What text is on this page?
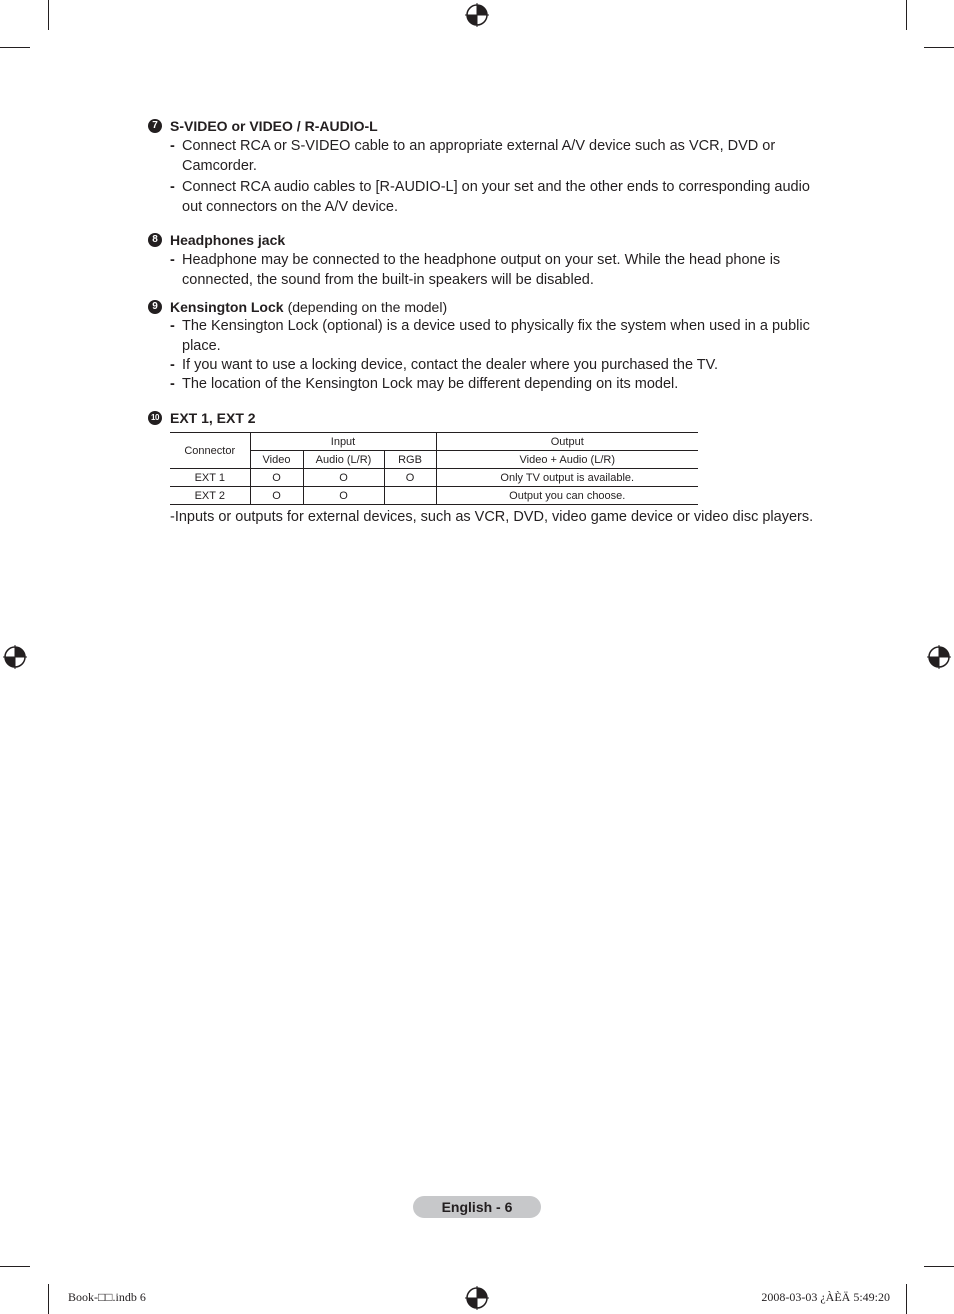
7 S-VIDEO or VIDEO / R-AUDIO-L
- Connect RCA or S-VIDEO cable to an appropriate external A/V device such as VCR, DVD or Camcorder.
- Connect RCA audio cables to [R-AUDIO-L] on your set and the other ends to corresponding audio out connectors on the A/V device.
8 Headphones jack
- Headphone may be connected to the headphone output on your set. While the head phone is connected, the sound from the built-in speakers will be disabled.
9 Kensington Lock (depending on the model)
- The Kensington Lock (optional) is a device used to physically fix the system when used in a public place.
- If you want to use a locking device, contact the dealer where you purchased the TV.
- The location of the Kensington Lock may be different depending on its model.
10 EXT 1, EXT 2
Connector	Input			Output
	Video	Audio (L/R)	RGB	Video + Audio (L/R)
EXT 1	O	O	O	Only TV output is available.
EXT 2	O	O		Output you can choose.
-Inputs or outputs for external devices, such as VCR, DVD, video game device or video disc players.
English - 6
Book-□□.indb 6	2008-03-03 ¿ÀÈÄ 5:49:20
